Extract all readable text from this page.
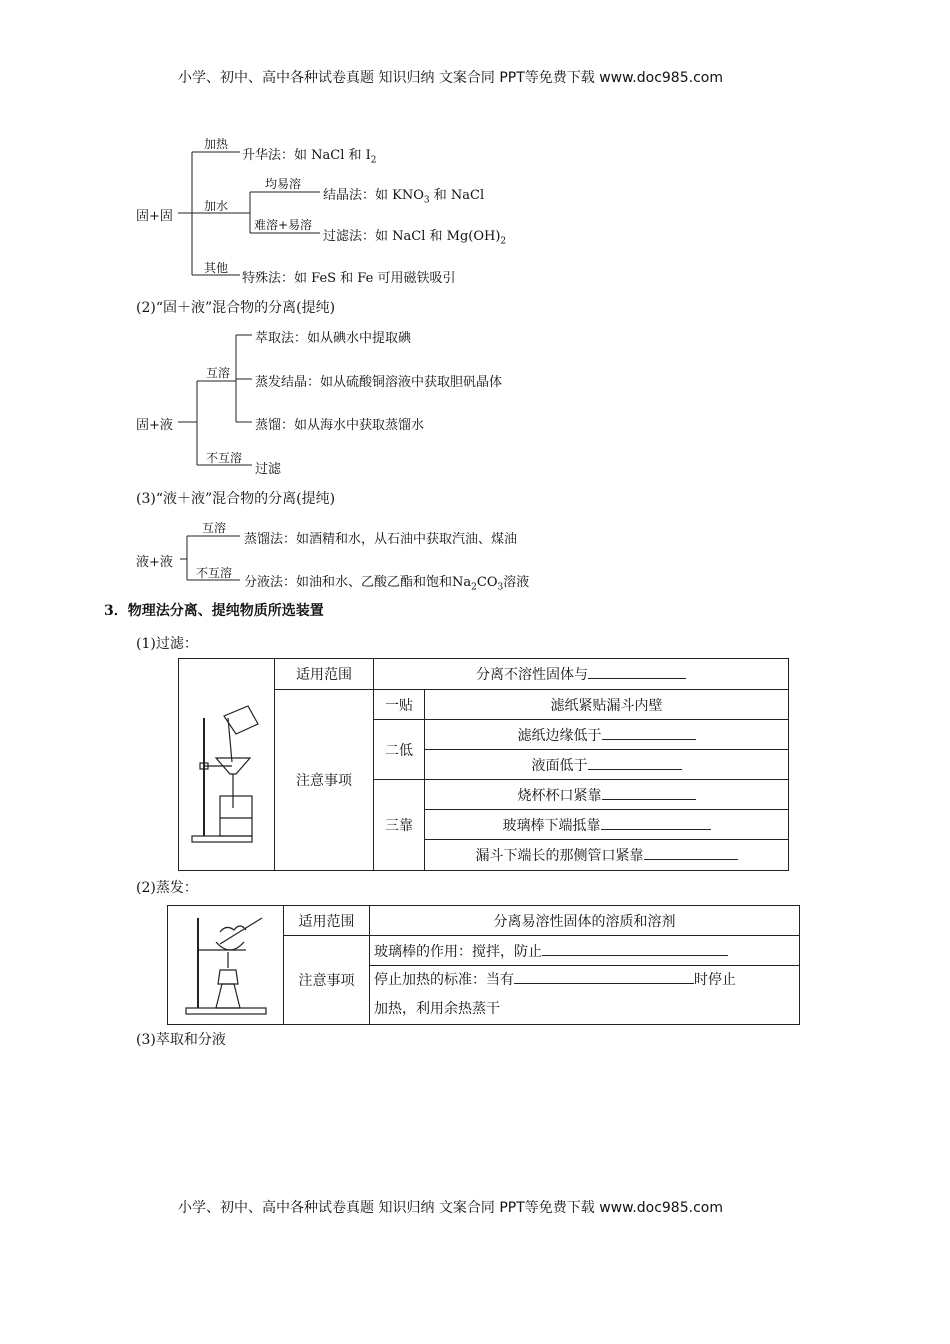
小学、初中、高中各种试卷真题 知识归纳 文案合同 PPT等免费下载 www.doc985.com
小学、初中、高中各种试卷真题 知识归纳 文案合同 PPT等免费下载 www.doc985.com
固+固
加热
升华法：如 NaCl 和 $I_2$
加水
均易溶
结晶法：如 $KNO_3$ 和 NaCl
难溶+易溶
过滤法：如 NaCl 和 $Mg(OH)_2$
其他
特殊法：如 FeS 和 Fe 可用磁铁吸引
(2)“固＋液”混合物的分离(提纯)
固+液
互溶
萃取法：如从碘水中提取碘
蒸发结晶：如从硫酸铜溶液中获取胆矾晶体
蒸馏：如从海水中获取蒸馏水
不互溶
过滤
(3)“液＋液”混合物的分离(提纯)
液+液
互溶
蒸馏法：如酒精和水，从石油中获取汽油、煤油
不互溶
分液法：如油和水、乙酸乙酯和饱和$Na_2CO_3$溶液
3．物理法分离、提纯物质所选装置
(1)过滤：
	适用范围	分离不溶性固体与	
	注意事项	一贴	滤纸紧贴漏斗内壁
		二低	滤纸边缘低于
			液面低于
		三靠	烧杯杯口紧靠
			玻璃棒下端抵靠
			漏斗下端长的那侧管口紧靠
(2)蒸发：
	适用范围	分离易溶性固体的溶质和溶剂
	注意事项	玻璃棒的作用：搅拌，防止
		停止加热的标准：当有 时停止
加热，利用余热蒸干
(3)萃取和分液
